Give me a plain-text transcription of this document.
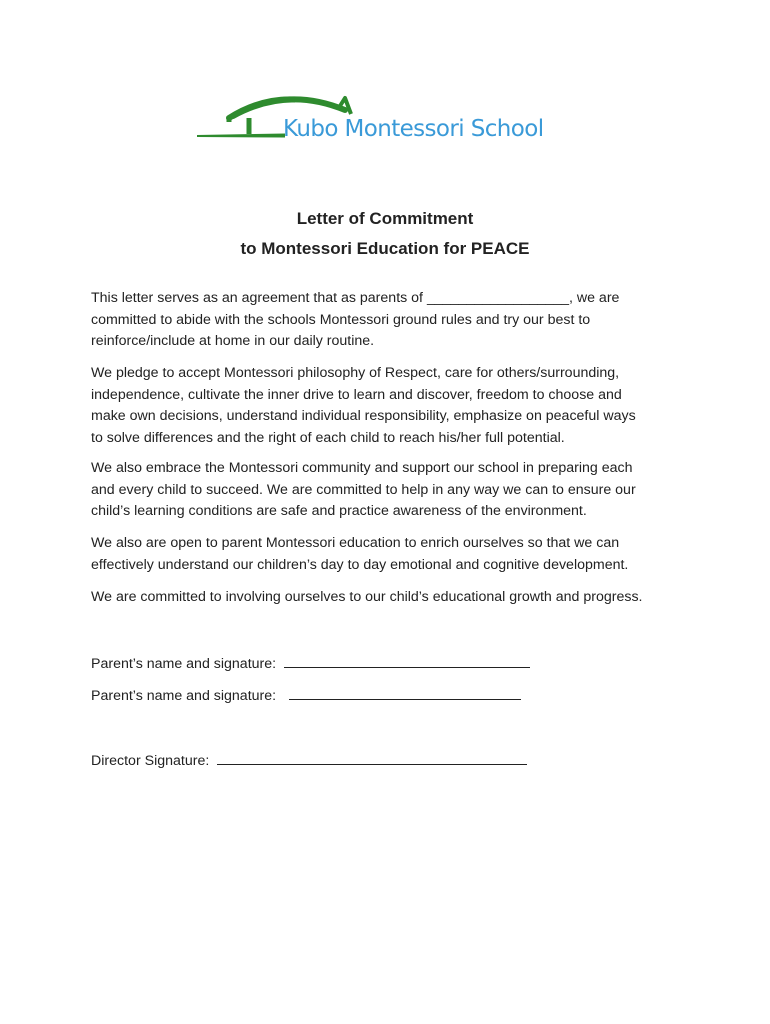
Kubo Montessori School
Letter of Commitment
to Montessori Education for PEACE

This letter serves as an agreement that as parents of __________________, we are
committed to abide with the schools Montessori ground rules and try our best to
reinforce/include at home in our daily routine.

We pledge to accept Montessori philosophy of Respect, care for others/surrounding,
independence, cultivate the inner drive to learn and discover, freedom to choose and
make own decisions, understand individual responsibility, emphasize on peaceful ways
to solve differences and the right of each child to reach his/her full potential.

We also embrace the Montessori community and support our school in preparing each
and every child to succeed. We are committed to help in any way we can to ensure our
child’s learning conditions are safe and practice awareness of the environment.

We also are open to parent Montessori education to enrich ourselves so that we can
effectively understand our children’s day to day emotional and cognitive development.

We are committed to involving ourselves to our child’s educational growth and progress.

Parent’s name and signature:
Parent’s name and signature:
Director Signature:
